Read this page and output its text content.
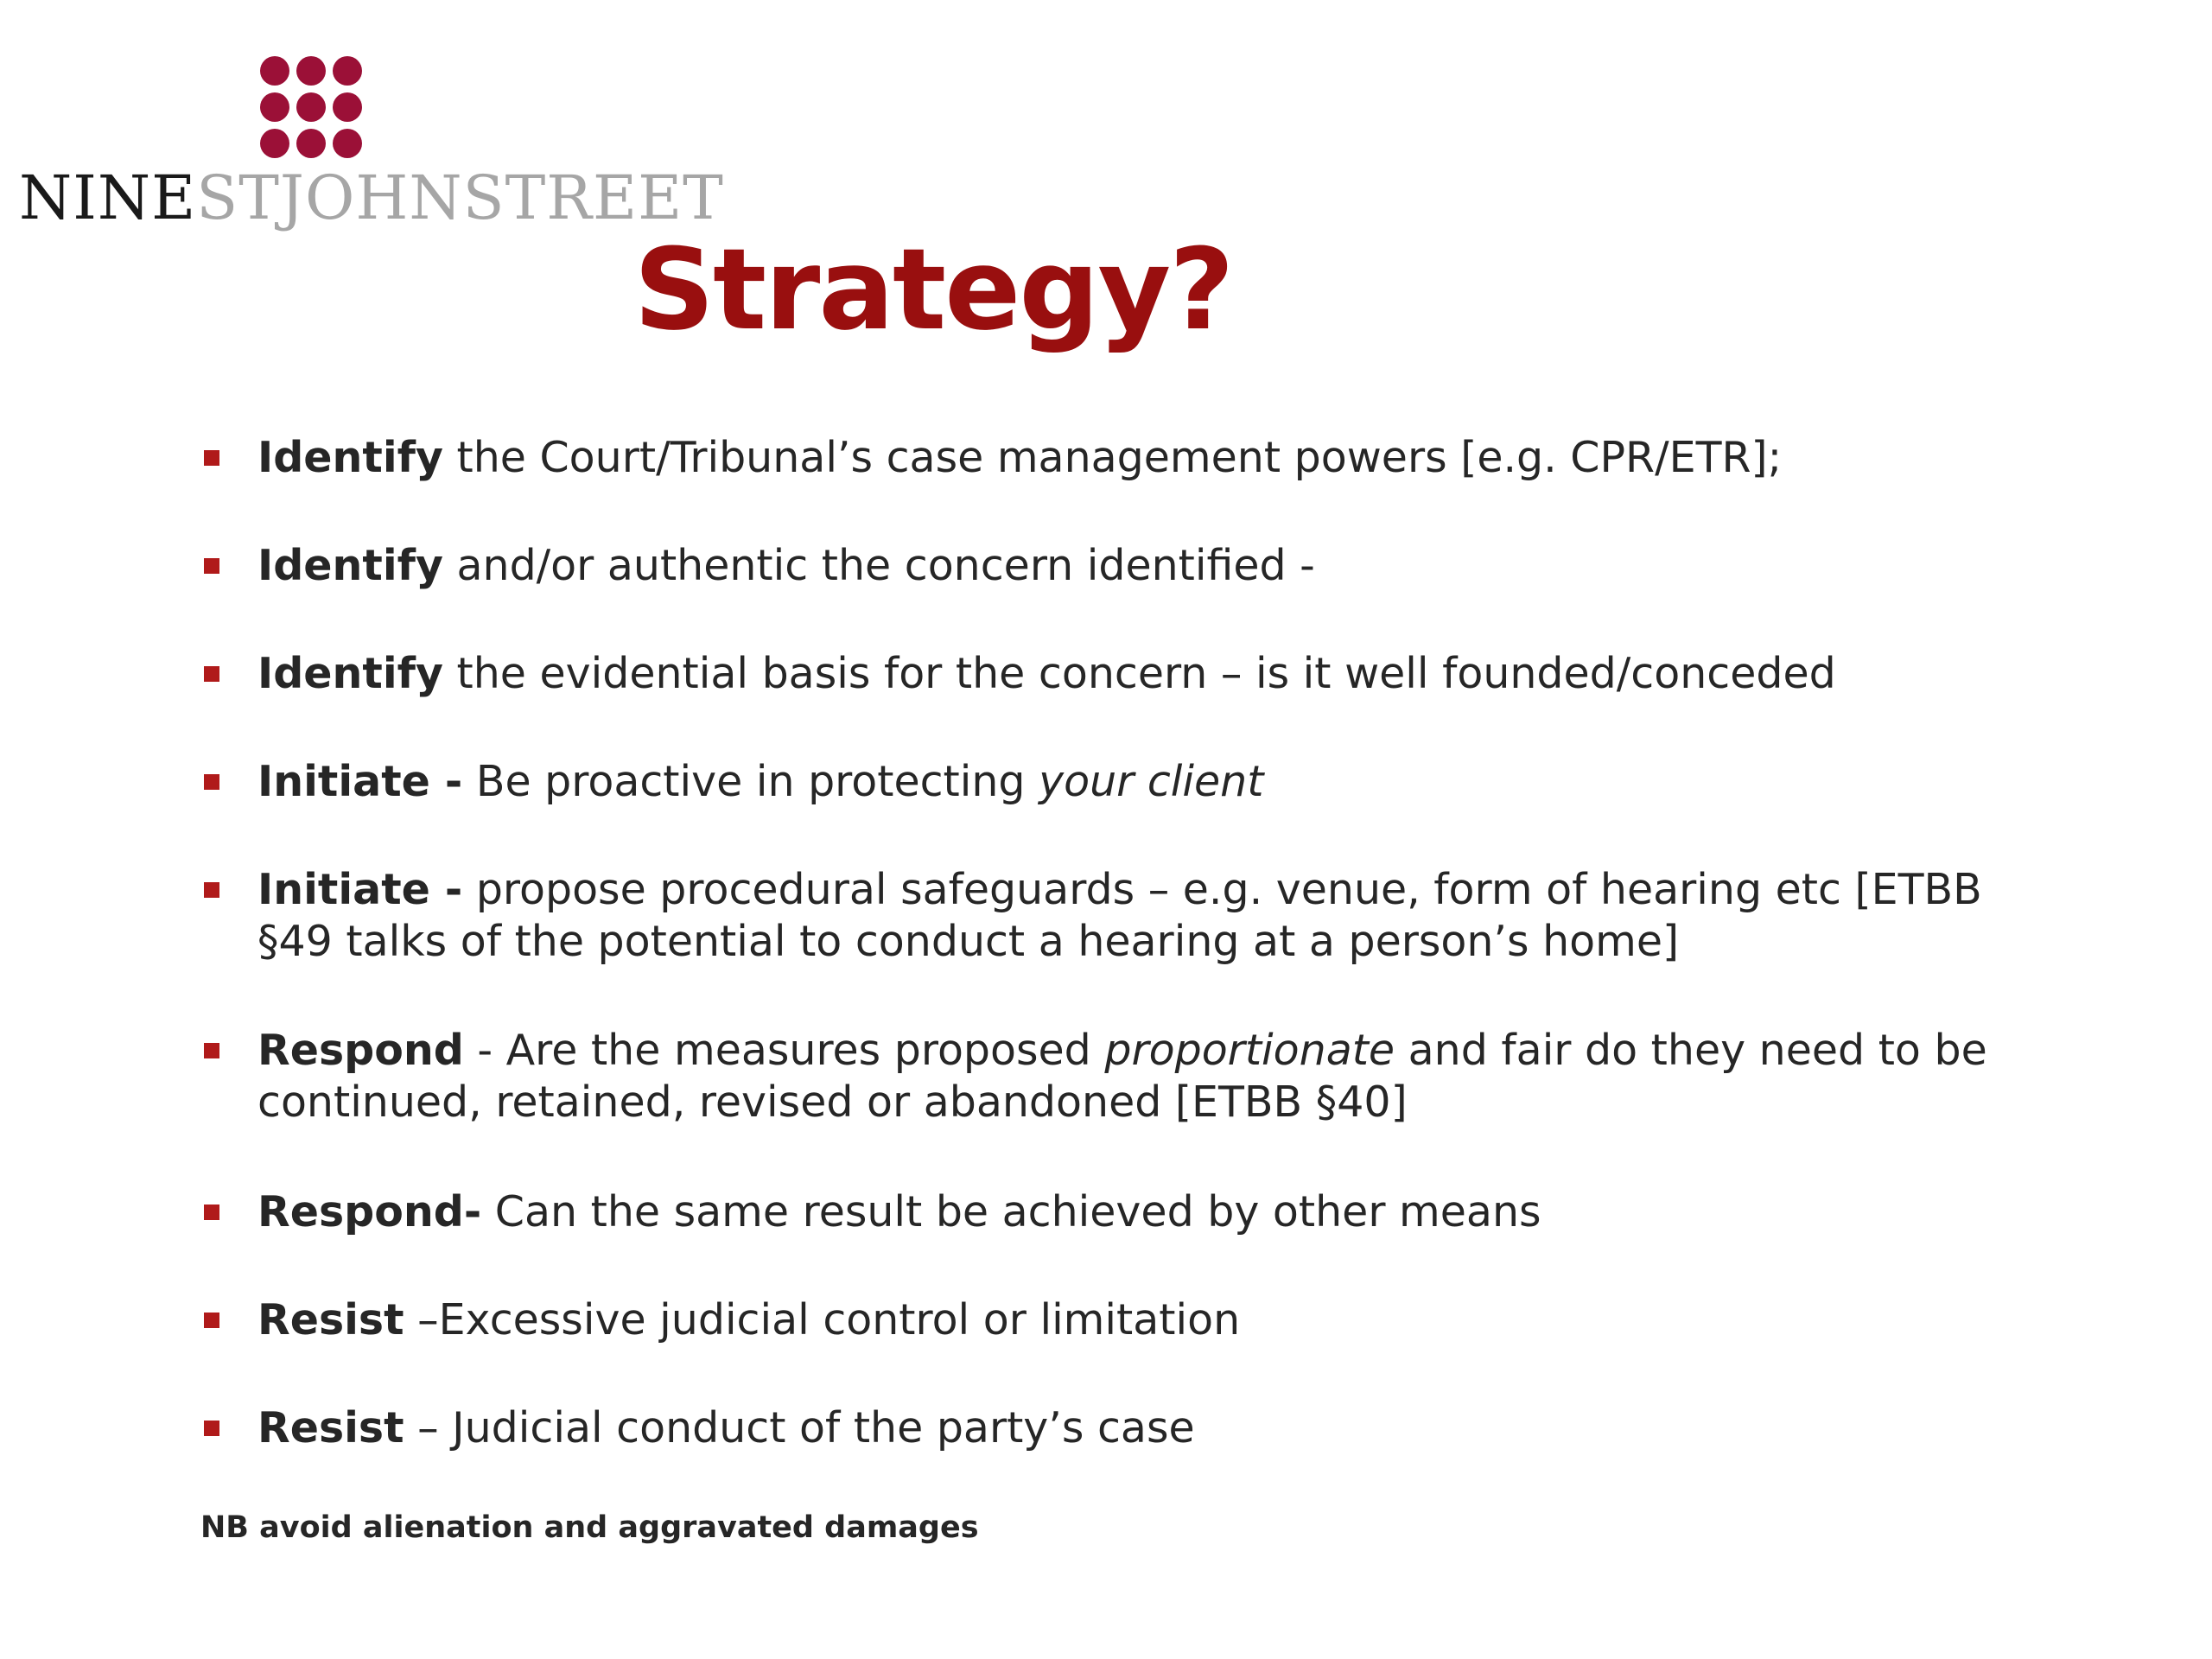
NINESTJOHNSTREET
Strategy?
Identify the Court/Tribunal’s case management powers [e.g. CPR/ETR];
Identify and/or authentic the concern identified -
Identify the evidential basis for the concern – is it well founded/conceded
Initiate - Be proactive in protecting your client
Initiate - propose procedural safeguards – e.g. venue, form of hearing etc [ETBB §49 talks of the potential to conduct a hearing at a person’s home]
Respond - Are the measures proposed proportionate and fair do they need to be continued, retained, revised or abandoned [ETBB §40]
Respond- Can the same result be achieved by other means
Resist –Excessive judicial control or limitation
Resist – Judicial conduct of the party’s case
NB avoid alienation and aggravated damages
